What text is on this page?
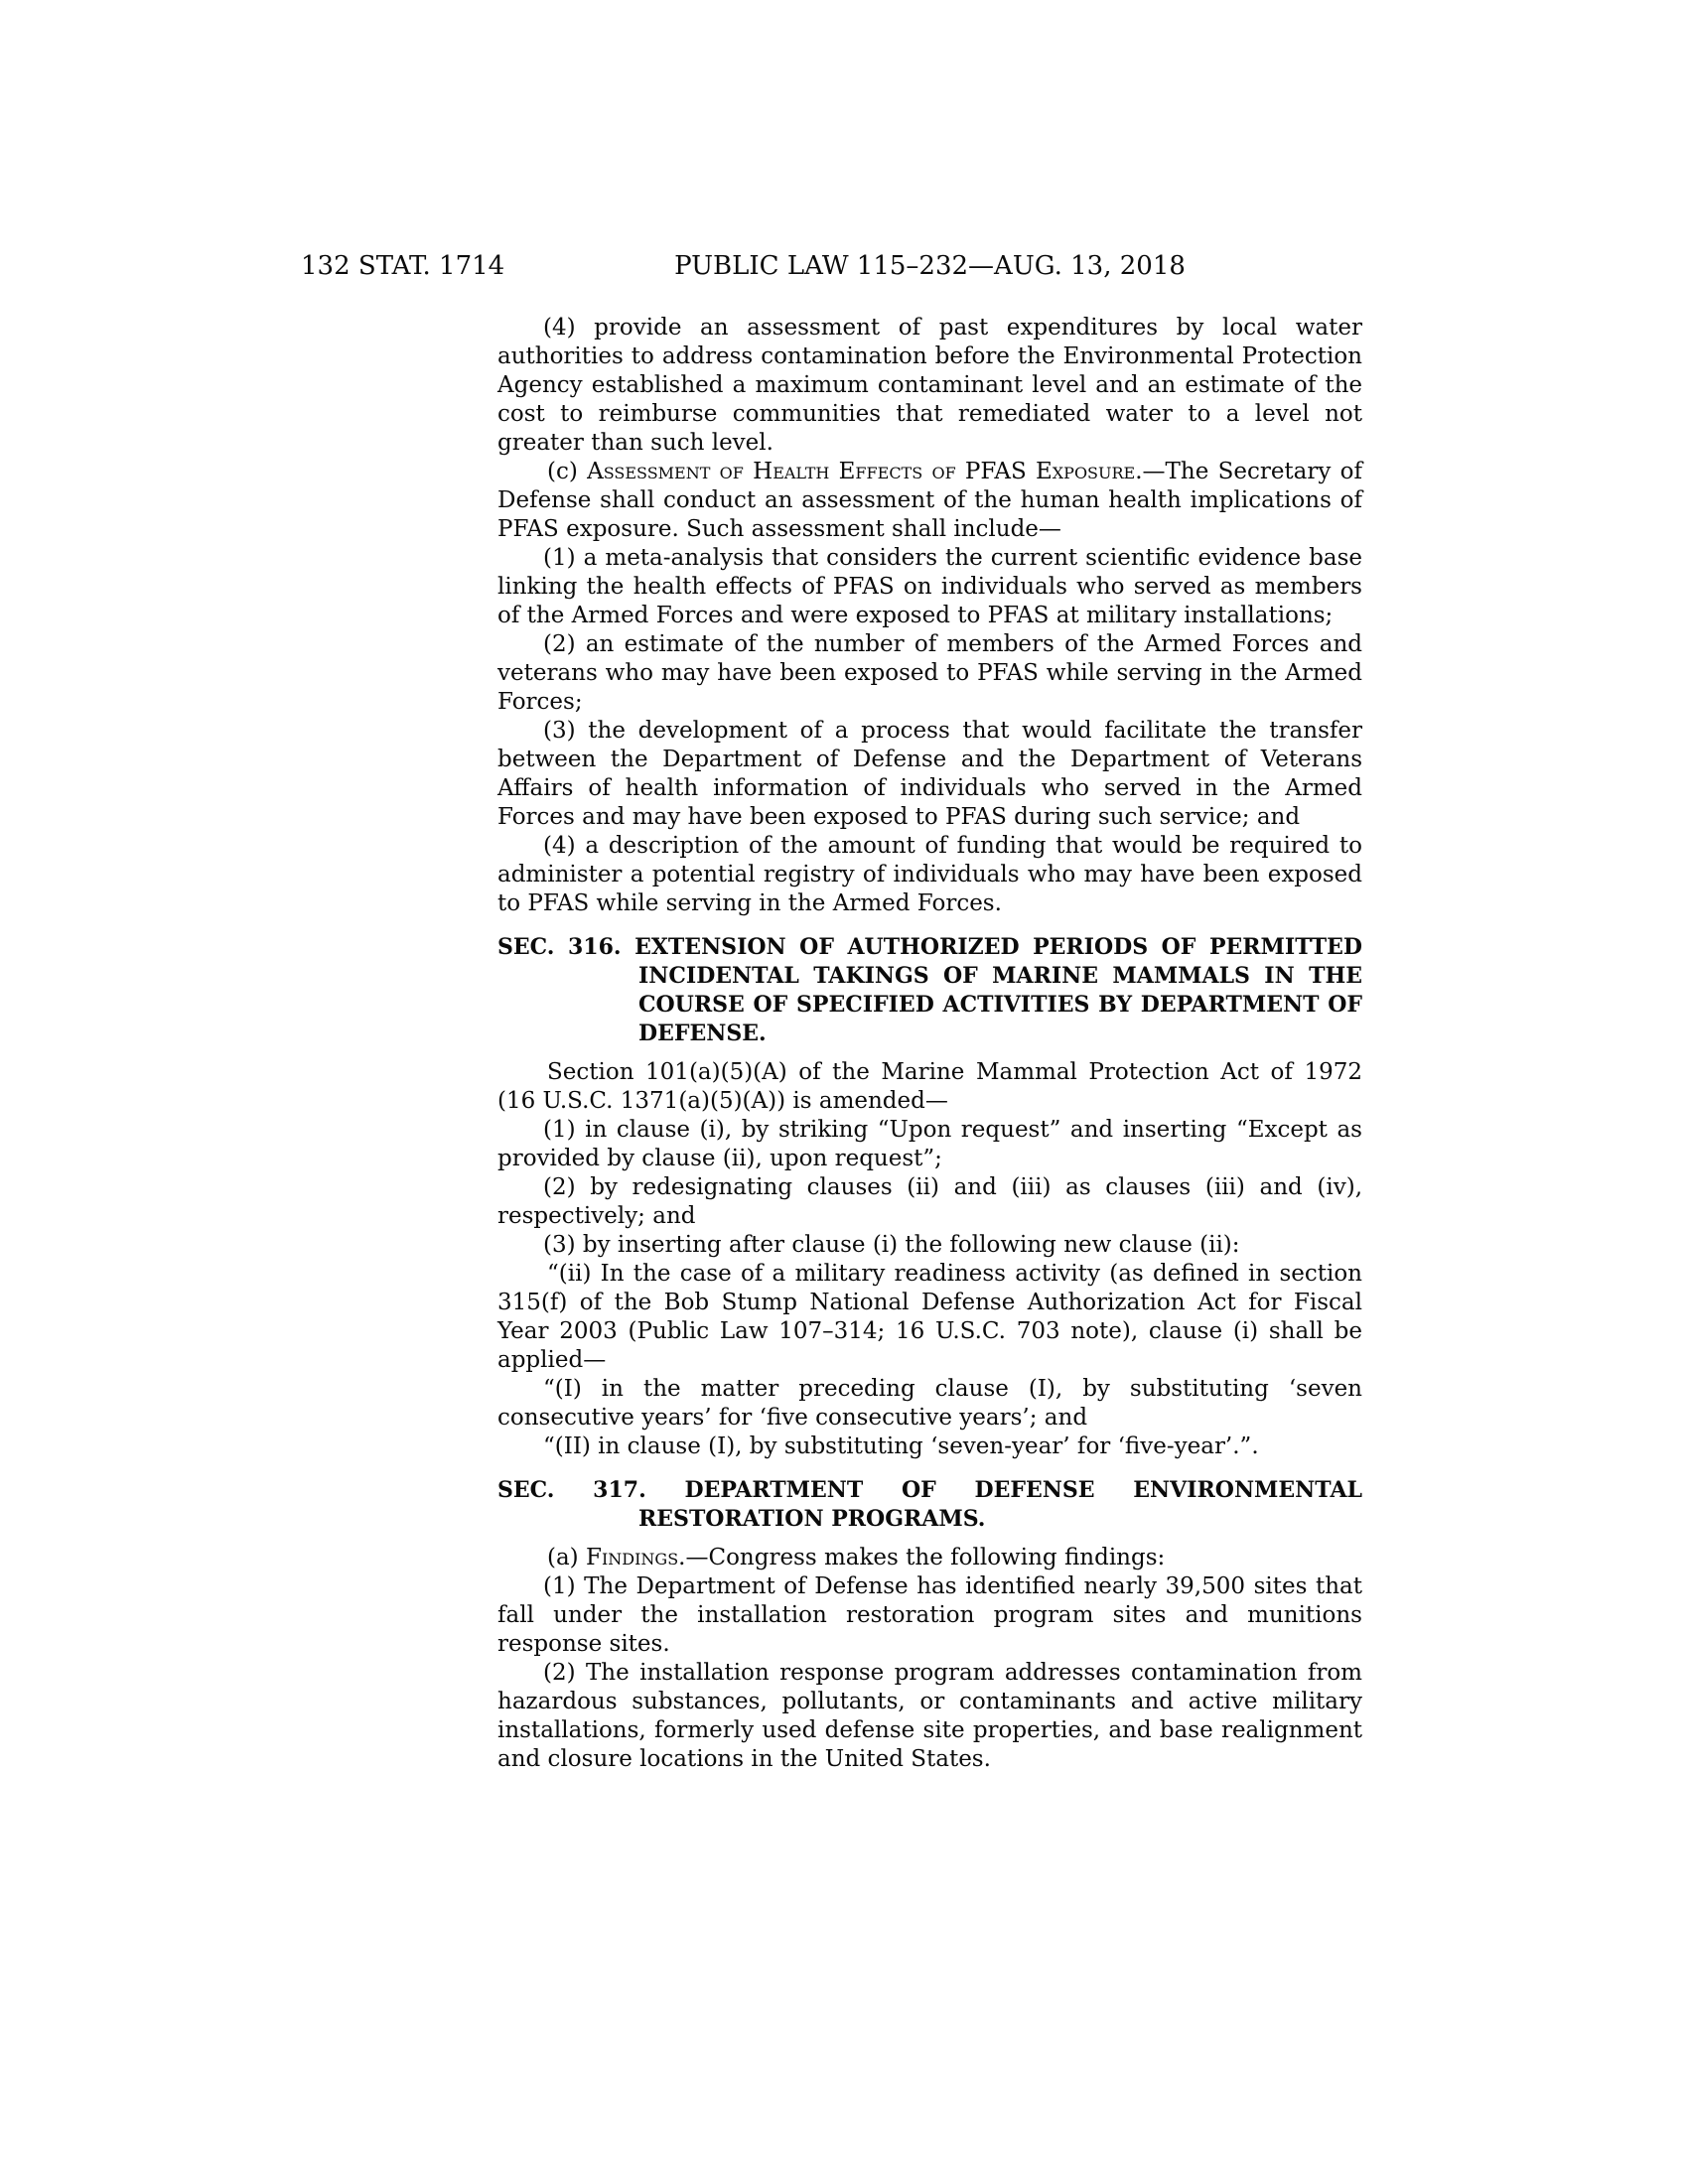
132 STAT. 1714	PUBLIC LAW 115–232—AUG. 13, 2018

(4) provide an assessment of past expenditures by local water authorities to address contamination before the Environmental Protection Agency established a maximum contaminant level and an estimate of the cost to reimburse communities that remediated water to a level not greater than such level.

(c) Assessment of Health Effects of PFAS Exposure.—The Secretary of Defense shall conduct an assessment of the human health implications of PFAS exposure. Such assessment shall include—

(1) a meta-analysis that considers the current scientific evidence base linking the health effects of PFAS on individuals who served as members of the Armed Forces and were exposed to PFAS at military installations;

(2) an estimate of the number of members of the Armed Forces and veterans who may have been exposed to PFAS while serving in the Armed Forces;

(3) the development of a process that would facilitate the transfer between the Department of Defense and the Department of Veterans Affairs of health information of individuals who served in the Armed Forces and may have been exposed to PFAS during such service; and

(4) a description of the amount of funding that would be required to administer a potential registry of individuals who may have been exposed to PFAS while serving in the Armed Forces.

SEC. 316. EXTENSION OF AUTHORIZED PERIODS OF PERMITTED INCIDENTAL TAKINGS OF MARINE MAMMALS IN THE COURSE OF SPECIFIED ACTIVITIES BY DEPARTMENT OF DEFENSE.

Section 101(a)(5)(A) of the Marine Mammal Protection Act of 1972 (16 U.S.C. 1371(a)(5)(A)) is amended—

(1) in clause (i), by striking “Upon request” and inserting “Except as provided by clause (ii), upon request”;

(2) by redesignating clauses (ii) and (iii) as clauses (iii) and (iv), respectively; and

(3) by inserting after clause (i) the following new clause (ii):

“(ii) In the case of a military readiness activity (as defined in section 315(f) of the Bob Stump National Defense Authorization Act for Fiscal Year 2003 (Public Law 107–314; 16 U.S.C. 703 note), clause (i) shall be applied—

“(I) in the matter preceding clause (I), by substituting ‘seven consecutive years’ for ‘five consecutive years’; and

“(II) in clause (I), by substituting ‘seven-year’ for ‘five-year’.”.

SEC. 317. DEPARTMENT OF DEFENSE ENVIRONMENTAL RESTORATION PROGRAMS.

(a) Findings.—Congress makes the following findings:

(1) The Department of Defense has identified nearly 39,500 sites that fall under the installation restoration program sites and munitions response sites.

(2) The installation response program addresses contamination from hazardous substances, pollutants, or contaminants and active military installations, formerly used defense site properties, and base realignment and closure locations in the United States.
